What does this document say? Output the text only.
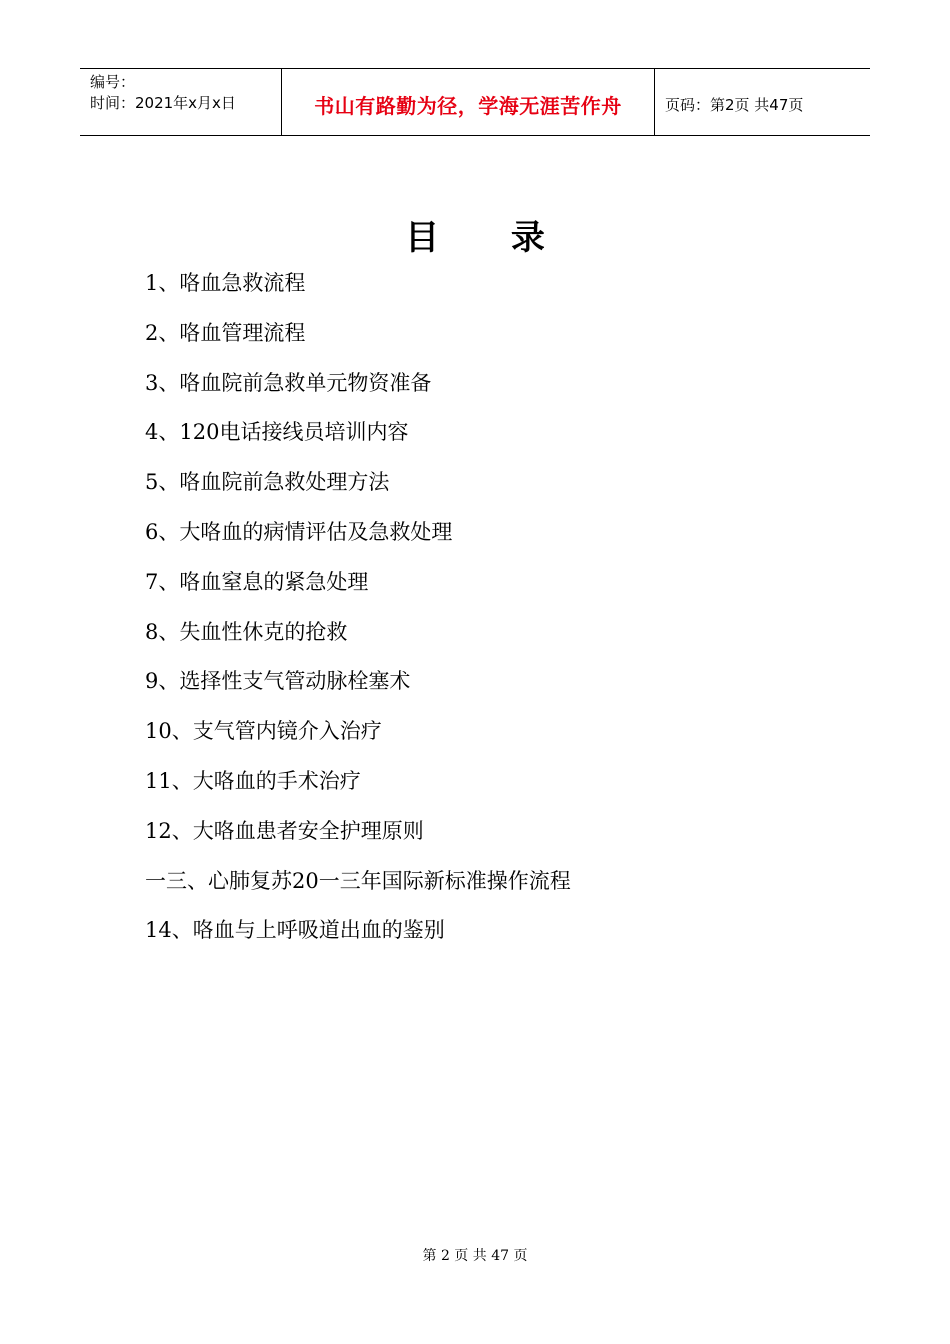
编号：
时间：2021年x月x日	书山有路勤为径，学海无涯苦作舟	页码：第2页 共47页
目 录
1、咯血急救流程
2、咯血管理流程
3、咯血院前急救单元物资准备
4、120电话接线员培训内容
5、咯血院前急救处理方法
6、大咯血的病情评估及急救处理
7、咯血窒息的紧急处理
8、失血性休克的抢救
9、选择性支气管动脉栓塞术
10、支气管内镜介入治疗
11、大咯血的手术治疗
12、大咯血患者安全护理原则
一三、心肺复苏20一三年国际新标准操作流程
14、咯血与上呼吸道出血的鉴别
第 2 页 共 47 页
